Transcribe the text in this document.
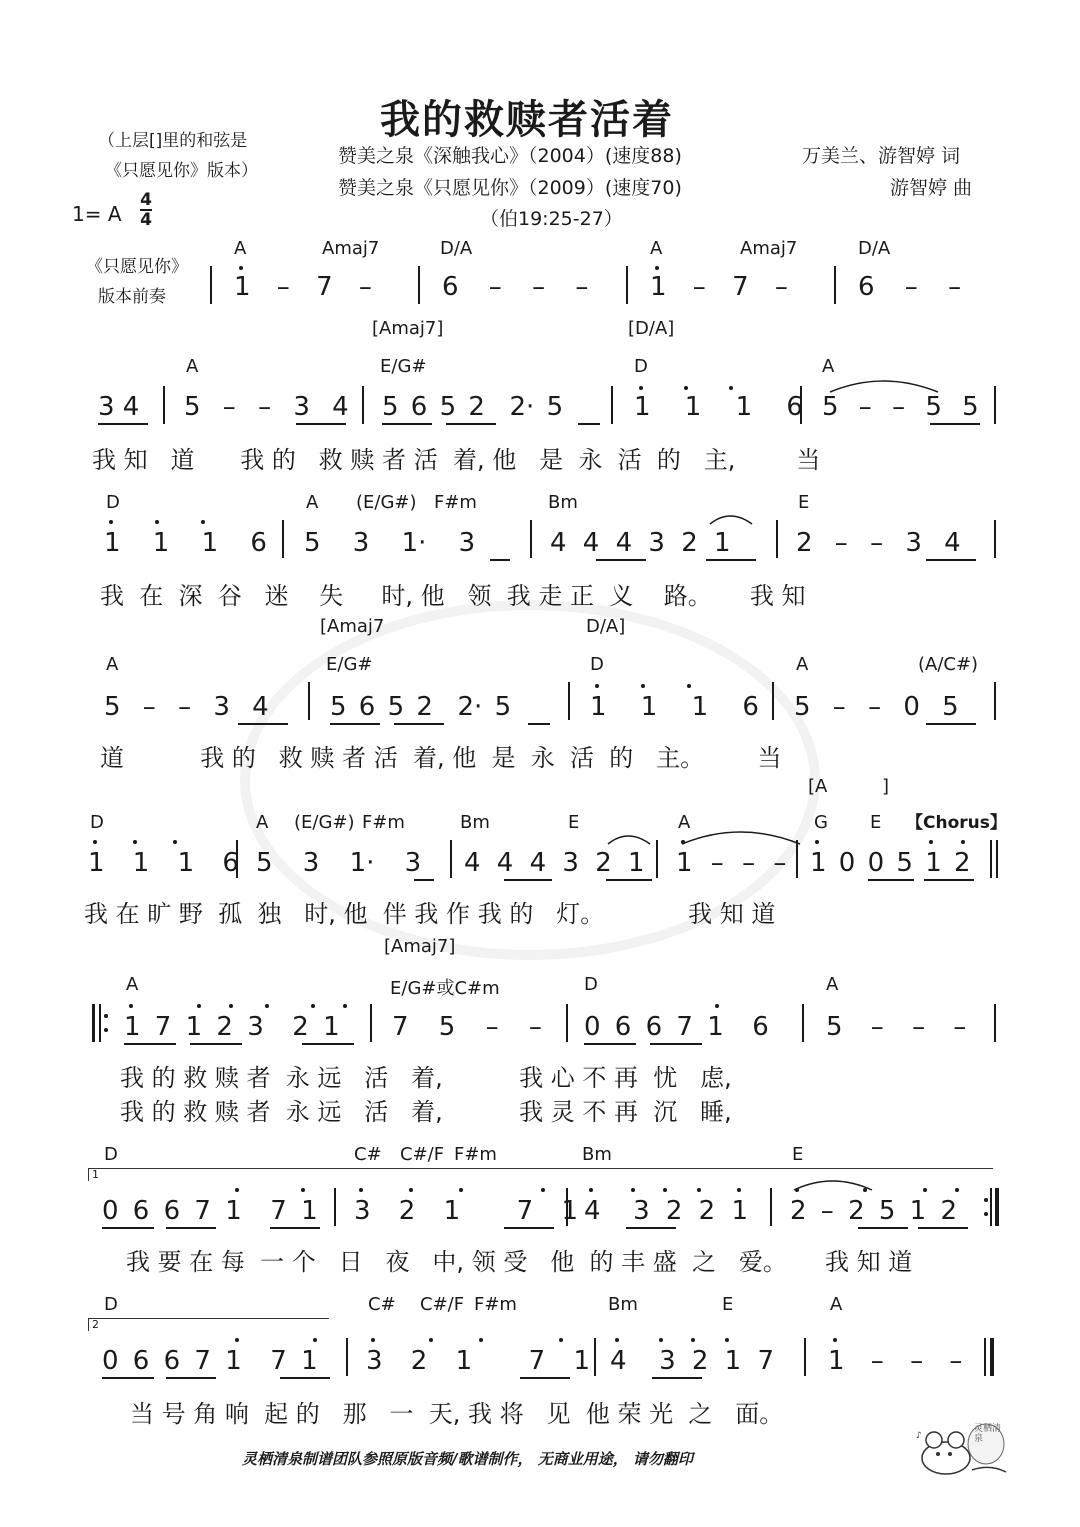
我的救赎者活着
（上层[]里的和弦是
《只愿见你》版本）
赞美之泉《深触我心》（2004）(速度88)
赞美之泉《只愿见你》（2009）(速度70)
（伯19:25-27）
万美兰、游智婷 词
游智婷 曲
1= A
4
4
《只愿见你》
版本前奏
A	Amaj7	D/A	A	Amaj7	D/A
1 – 7 –	6 – – – 1 – 7 –	6 – –
[Amaj7]	[D/A]
A	E/G#	D	A
3 4 5 – – 3 4 5 6 5 2  2· 5	1 1 1 6 5 – – 5 5
我 知   道      我 的   救 赎 者 活  着, 他   是  永  活  的   主,        当
D	A (E/G#) F#m	Bm	E
1 1 1 6 5 3 1· 3	4 4 4 3 2 1	2 – – 3 4
我  在  深  谷   迷    失     时, 他   领  我 走 正  义    路。     我 知
[Amaj7	D/A]
A	E/G#	D	A	(A/C#)
5 – – 3 4 5 6 5 2  2· 5	1 1 1 6 5 – – 0 5
道          我 的   救 赎 者 活  着, 他  是  永  活  的   主。       当
[A	]
D	A (E/G#) F#m	Bm	E	A	G E 【Chorus】
1 1 1 6 5 3 1· 3 4 4 4 3 2 1 1 – – – 1 0 0 5 1 2
我 在 旷 野  孤  独   时, 他  伴 我 作 我 的   灯。           我 知 道
[Amaj7]
A	E/G#或C#m	D	A
1 7 1 2 3  2 1 7 5 – – 0 6 6 7 1  6 5 – – –
我 的 救 赎 者  永 远   活   着,          我 心 不 再  忧   虑,
我 的 救 赎 者  永 远   活   着,          我 灵 不 再  沉   睡,
D	C# C#/F F#m	Bm	E
1
0 6 6 7 1  7 1 3 2 1  7 1 4  3 2 2 1 2 – 2 5 1 2
我 要 在 每  一 个   日   夜   中, 领 受   他  的 丰 盛  之   爱。     我 知 道
D	C# C#/F F#m	Bm	E	A
2
0 6 6 7 1  7 1 3 2 1  7 1 4  3 2 1 7 1 – – –
当 号 角 响  起 的   那   一  天, 我 将   见  他 荣 光  之   面。
灵栖清泉制谱团队参照原版音频/歌谱制作， 无商业用途， 请勿翻印
♪
灵栖清泉
